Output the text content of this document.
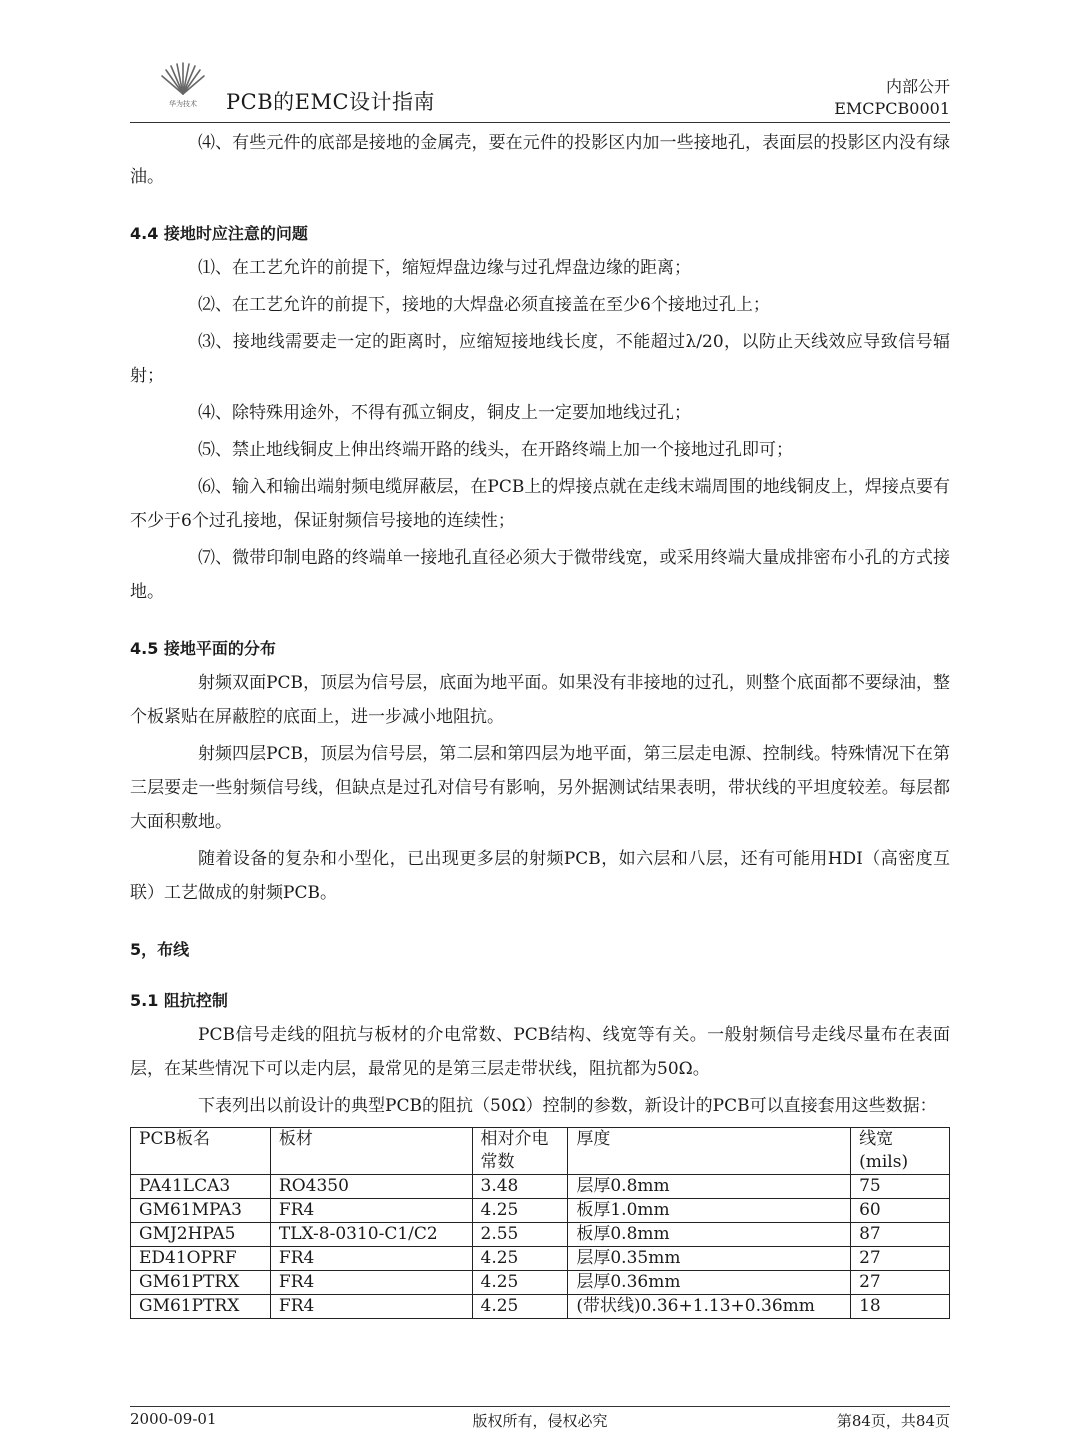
华为技术 PCB的EMC设计指南
内部公开
EMCPCB0001

⑷、有些元件的底部是接地的金属壳，要在元件的投影区内加一些接地孔，表面层的投影区内没有绿油。

4.4 接地时应注意的问题

⑴、在工艺允许的前提下，缩短焊盘边缘与过孔焊盘边缘的距离；

⑵、在工艺允许的前提下，接地的大焊盘必须直接盖在至少6个接地过孔上；

⑶、接地线需要走一定的距离时，应缩短接地线长度，不能超过λ/20，以防止天线效应导致信号辐射；

⑷、除特殊用途外，不得有孤立铜皮，铜皮上一定要加地线过孔；

⑸、禁止地线铜皮上伸出终端开路的线头，在开路终端上加一个接地过孔即可；

⑹、输入和输出端射频电缆屏蔽层，在PCB上的焊接点就在走线末端周围的地线铜皮上，焊接点要有不少于6个过孔接地，保证射频信号接地的连续性；

⑺、微带印制电路的终端单一接地孔直径必须大于微带线宽，或采用终端大量成排密布小孔的方式接地。

4.5 接地平面的分布

射频双面PCB，顶层为信号层，底面为地平面。如果没有非接地的过孔，则整个底面都不要绿油，整个板紧贴在屏蔽腔的底面上，进一步减小地阻抗。

射频四层PCB，顶层为信号层，第二层和第四层为地平面，第三层走电源、控制线。特殊情况下在第三层要走一些射频信号线，但缺点是过孔对信号有影响，另外据测试结果表明，带状线的平坦度较差。每层都大面积敷地。

随着设备的复杂和小型化，已出现更多层的射频PCB，如六层和八层，还有可能用HDI（高密度互联）工艺做成的射频PCB。

5，布线

5.1 阻抗控制

PCB信号走线的阻抗与板材的介电常数、PCB结构、线宽等有关。一般射频信号走线尽量布在表面层，在某些情况下可以走内层，最常见的是第三层走带状线，阻抗都为50Ω。

下表列出以前设计的典型PCB的阻抗（50Ω）控制的参数，新设计的PCB可以直接套用这些数据：

PCB板名	板材	相对介电常数	厚度	线宽(mils)
PA41LCA3	RO4350	3.48	层厚0.8mm	75
GM61MPA3	FR4	4.25	板厚1.0mm	60
GMJ2HPA5	TLX-8-0310-C1/C2	2.55	板厚0.8mm	87
ED41OPRF	FR4	4.25	层厚0.35mm	27
GM61PTRX	FR4	4.25	层厚0.36mm	27
GM61PTRX	FR4	4.25	(带状线)0.36+1.13+0.36mm	18
2000-09-01	版权所有，侵权必究	第84页，共84页
